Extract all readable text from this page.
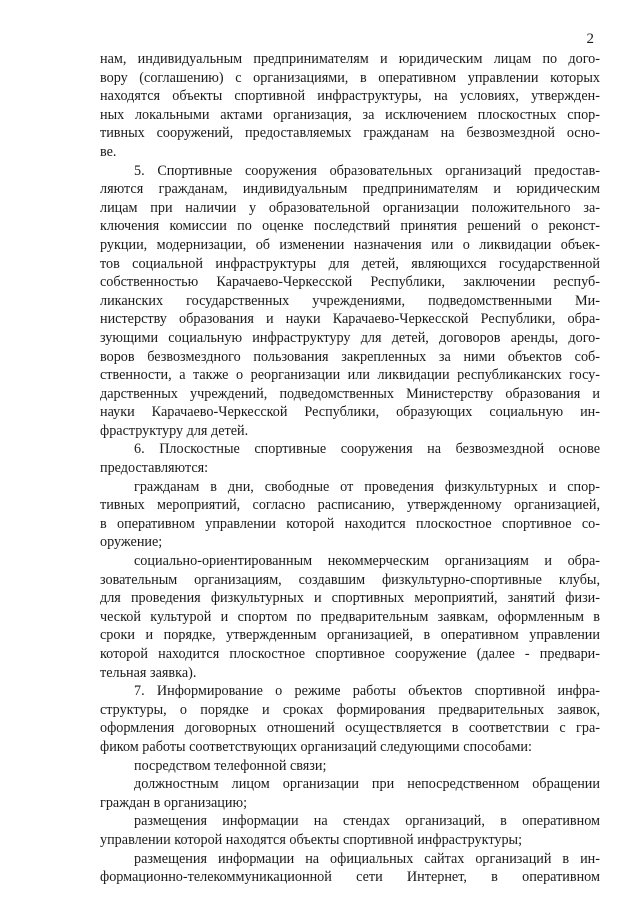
2
нам, индивидуальным предпринимателям и юридическим лицам по дого-
вору (соглашению) с организациями, в оперативном управлении которых
находятся объекты спортивной инфраструктуры, на условиях, утвержден-
ных локальными актами организация, за исключением плоскостных спор-
тивных сооружений, предоставляемых гражданам на безвозмездной осно-
ве.
5. Спортивные сооружения образовательных организаций предостав-
ляются гражданам, индивидуальным предпринимателям и юридическим
лицам при наличии у образовательной организации положительного за-
ключения комиссии по оценке последствий принятия решений о реконст-
рукции, модернизации, об изменении назначения или о ликвидации объек-
тов социальной инфраструктуры для детей, являющихся государственной
собственностью Карачаево-Черкесской Республики, заключении респуб-
ликанских государственных учреждениями, подведомственными Ми-
нистерству образования и науки Карачаево-Черкесской Республики, обра-
зующими социальную инфраструктуру для детей, договоров аренды, дого-
воров безвозмездного пользования закрепленных за ними объектов соб-
ственности, а также о реорганизации или ликвидации республиканских госу-
дарственных учреждений, подведомственных Министерству образования и
науки Карачаево-Черкесской Республики, образующих социальную ин-
фраструктуру для детей.
6. Плоскостные спортивные сооружения на безвозмездной основе
предоставляются:
гражданам в дни, свободные от проведения физкультурных и спор-
тивных мероприятий, согласно расписанию, утвержденному организацией,
в оперативном управлении которой находится плоскостное спортивное со-
оружение;
социально-ориентированным некоммерческим организациям и обра-
зовательным организациям, создавшим физкультурно-спортивные клубы,
для проведения физкультурных и спортивных мероприятий, занятий физи-
ческой культурой и спортом по предварительным заявкам, оформленным в
сроки и порядке, утвержденным организацией, в оперативном управлении
которой находится плоскостное спортивное сооружение (далее - предвари-
тельная заявка).
7. Информирование о режиме работы объектов спортивной инфра-
структуры, о порядке и сроках формирования предварительных заявок,
оформления договорных отношений осуществляется в соответствии с гра-
фиком работы соответствующих организаций следующими способами:
посредством телефонной связи;
должностным лицом организации при непосредственном обращении
граждан в организацию;
размещения информации на стендах организаций, в оперативном
управлении которой находятся объекты спортивной инфраструктуры;
размещения информации на официальных сайтах организаций в ин-
формационно-телекоммуникационной сети Интернет, в оперативном
